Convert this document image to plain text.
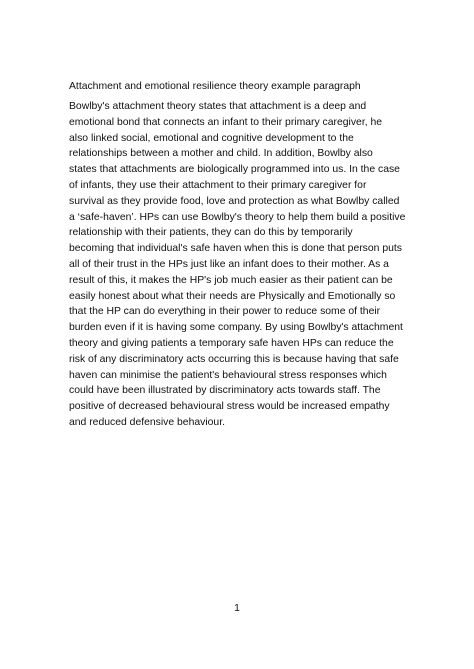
Attachment and emotional resilience theory example paragraph

Bowlby's attachment theory states that attachment is a deep and
emotional bond that connects an infant to their primary caregiver, he
also linked social, emotional and cognitive development to the
relationships between a mother and child. In addition, Bowlby also
states that attachments are biologically programmed into us. In the case
of infants, they use their attachment to their primary caregiver for
survival as they provide food, love and protection as what Bowlby called
a ‘safe-haven’. HPs can use Bowlby's theory to help them build a positive
relationship with their patients, they can do this by temporarily
becoming that individual's safe haven when this is done that person puts
all of their trust in the HPs just like an infant does to their mother. As a
result of this, it makes the HP's job much easier as their patient can be
easily honest about what their needs are Physically and Emotionally so
that the HP can do everything in their power to reduce some of their
burden even if it is having some company. By using Bowlby's attachment
theory and giving patients a temporary safe haven HPs can reduce the
risk of any discriminatory acts occurring this is because having that safe
haven can minimise the patient's behavioural stress responses which
could have been illustrated by discriminatory acts towards staff. The
positive of decreased behavioural stress would be increased empathy
and reduced defensive behaviour.

1
